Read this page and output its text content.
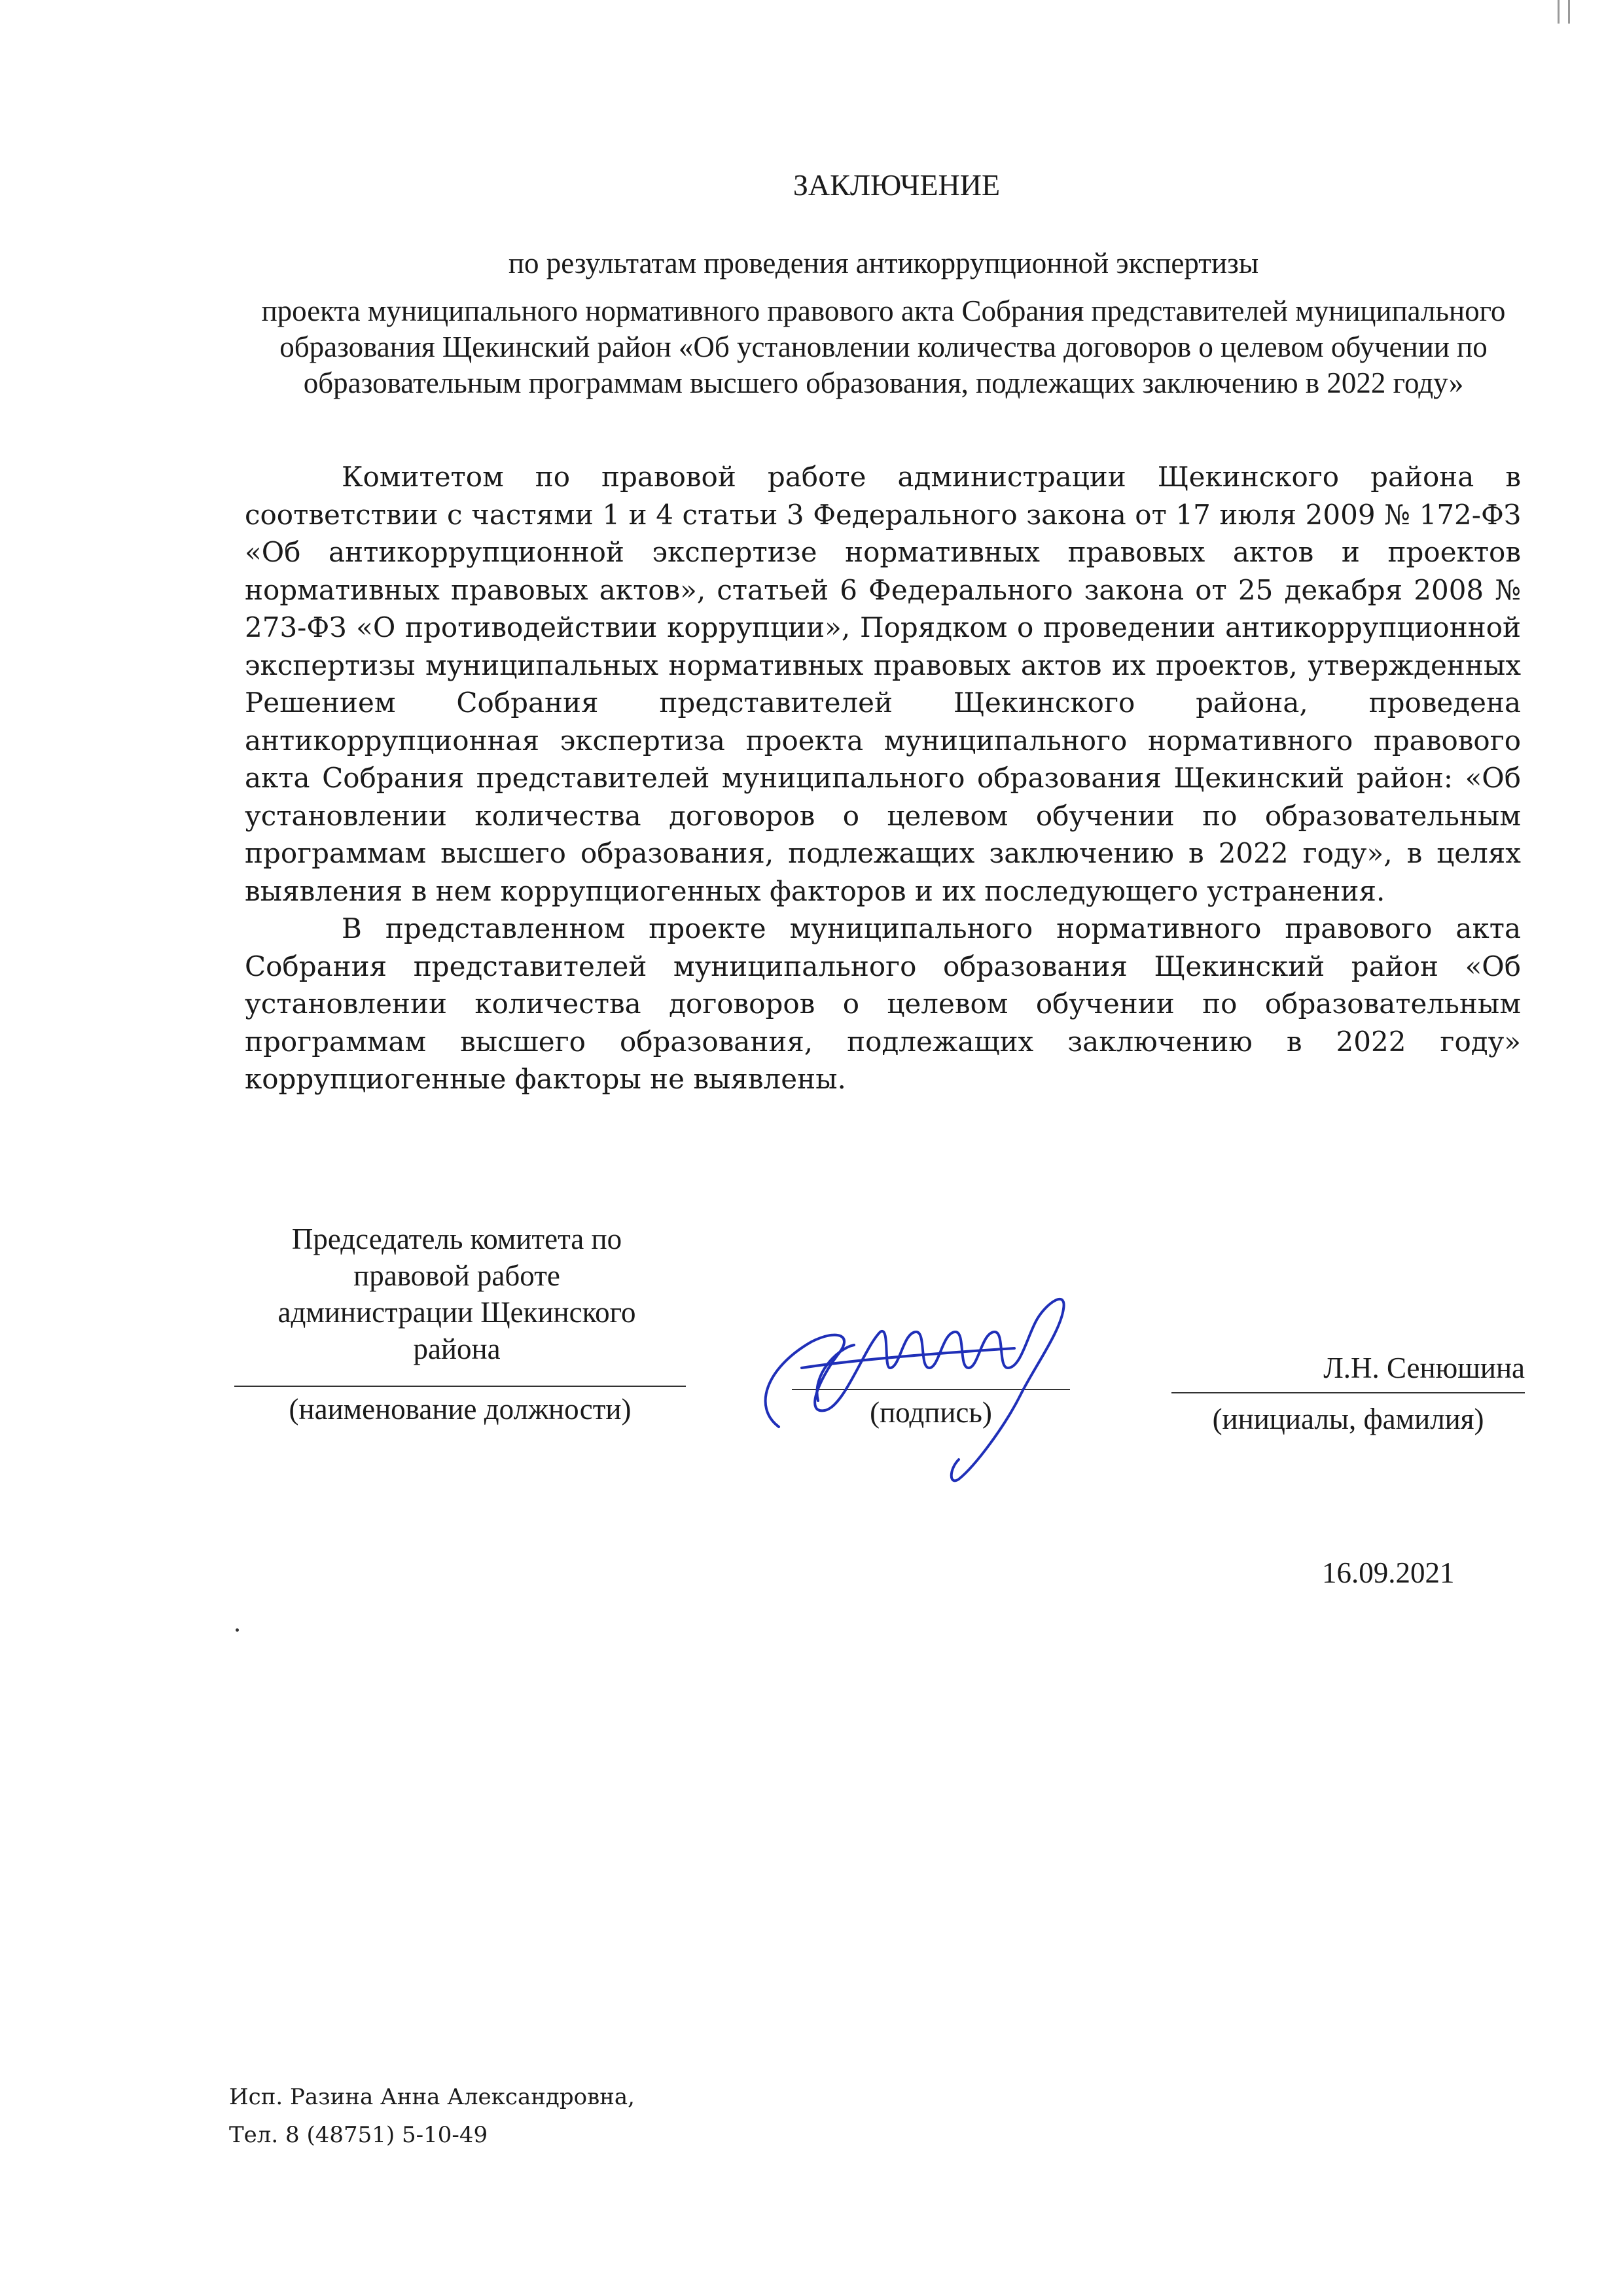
ЗАКЛЮЧЕНИЕ

по результатам проведения антикоррупционной экспертизы

проекта муниципального нормативного правового акта Собрания представителей муниципального образования Щекинский район «Об установлении количества договоров о целевом обучении по образовательным программам высшего образования, подлежащих заключению в 2022 году»

Комитетом по правовой работе администрации Щекинского района в соответствии с частями 1 и 4 статьи 3 Федерального закона от 17 июля 2009 № 172-ФЗ «Об антикоррупционной экспертизе нормативных правовых актов и проектов нормативных правовых актов», статьей 6 Федерального закона от 25 декабря 2008 № 273-ФЗ «О противодействии коррупции», Порядком о проведении антикоррупционной экспертизы муниципальных нормативных правовых актов их проектов, утвержденных Решением Собрания представителей Щекинского района, проведена антикоррупционная экспертиза проекта муниципального нормативного правового акта Собрания представителей муниципального образования Щекинский район: «Об установлении количества договоров о целевом обучении по образовательным программам высшего образования, подлежащих заключению в 2022 году», в целях выявления в нем коррупциогенных факторов и их последующего устранения.

В представленном проекте муниципального нормативного правового акта Собрания представителей муниципального образования Щекинский район «Об установлении количества договоров о целевом обучении по образовательным программам высшего образования, подлежащих заключению в 2022 году» коррупциогенные факторы не выявлены.

Председатель комитета по

правовой работе

администрации Щекинского

района

(наименование должности)	(подпись)
Л.Н. Сенюшина
(инициалы, фамилия)
16.09.2021

Исп. Разина Анна Александровна,

Тел. 8 (48751) 5-10-49
